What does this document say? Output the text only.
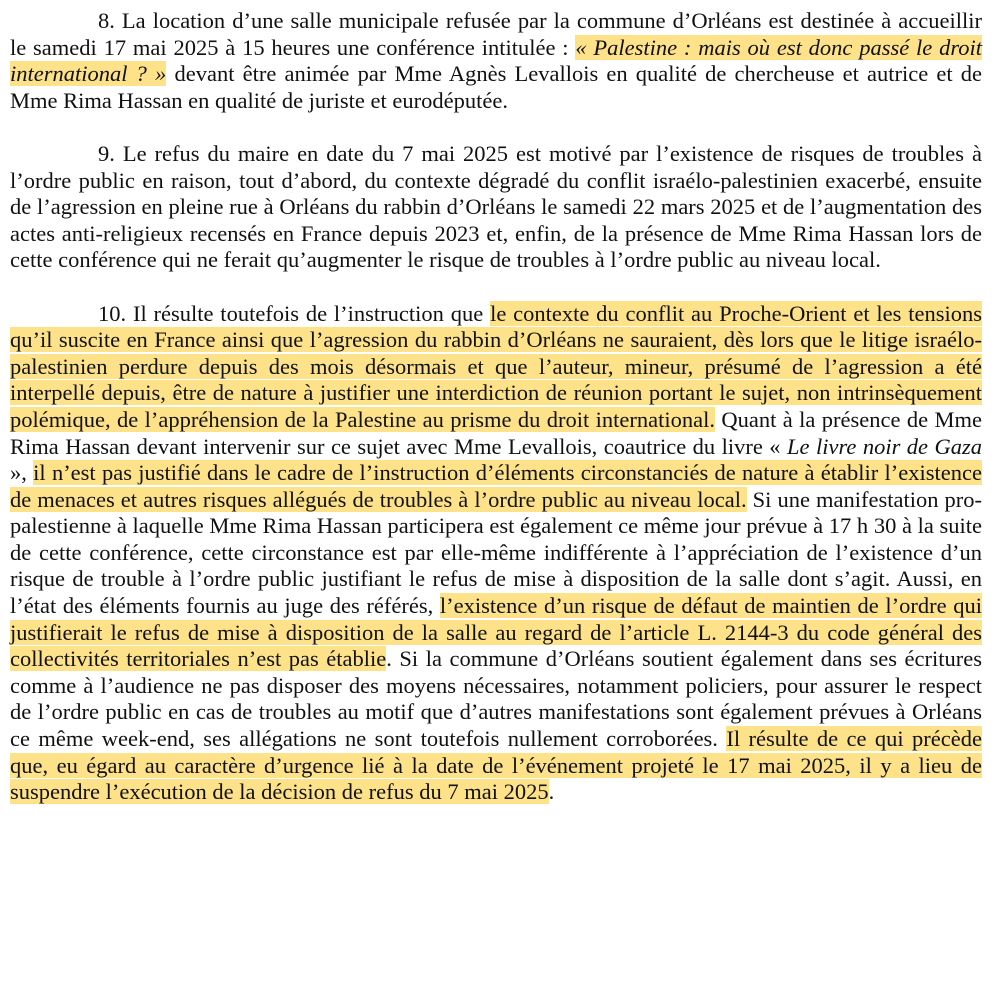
8. La location d’une salle municipale refusée par la commune d’Orléans est destinée à accueillir le samedi 17 mai 2025 à 15 heures une conférence intitulée : « Palestine : mais où est donc passé le droit international ? » devant être animée par Mme Agnès Levallois en qualité de chercheuse et autrice et de Mme Rima Hassan en qualité de juriste et eurodéputée.

9. Le refus du maire en date du 7 mai 2025 est motivé par l’existence de risques de troubles à l’ordre public en raison, tout d’abord, du contexte dégradé du conflit israélo-palestinien exacerbé, ensuite de l’agression en pleine rue à Orléans du rabbin d’Orléans le samedi 22 mars 2025 et de l’augmentation des actes anti-religieux recensés en France depuis 2023 et, enfin, de la présence de Mme Rima Hassan lors de cette conférence qui ne ferait qu’augmenter le risque de troubles à l’ordre public au niveau local.

10. Il résulte toutefois de l’instruction que le contexte du conflit au Proche-Orient et les tensions qu’il suscite en France ainsi que l’agression du rabbin d’Orléans ne sauraient, dès lors que le litige israélo-palestinien perdure depuis des mois désormais et que l’auteur, mineur, présumé de l’agression a été interpellé depuis, être de nature à justifier une interdiction de réunion portant le sujet, non intrinsèquement polémique, de l’appréhension de la Palestine au prisme du droit international. Quant à la présence de Mme Rima Hassan devant intervenir sur ce sujet avec Mme Levallois, coautrice du livre « Le livre noir de Gaza », il n’est pas justifié dans le cadre de l’instruction d’éléments circonstanciés de nature à établir l’existence de menaces et autres risques allégués de troubles à l’ordre public au niveau local. Si une manifestation pro-palestienne à laquelle Mme Rima Hassan participera est également ce même jour prévue à 17 h 30 à la suite de cette conférence, cette circonstance est par elle-même indifférente à l’appréciation de l’existence d’un risque de trouble à l’ordre public justifiant le refus de mise à disposition de la salle dont s’agit. Aussi, en l’état des éléments fournis au juge des référés, l’existence d’un risque de défaut de maintien de l’ordre qui justifierait le refus de mise à disposition de la salle au regard de l’article L. 2144-3 du code général des collectivités territoriales n’est pas établie. Si la commune d’Orléans soutient également dans ses écritures comme à l’audience ne pas disposer des moyens nécessaires, notamment policiers, pour assurer le respect de l’ordre public en cas de troubles au motif que d’autres manifestations sont également prévues à Orléans ce même week-end, ses allégations ne sont toutefois nullement corroborées. Il résulte de ce qui précède que, eu égard au caractère d’urgence lié à la date de l’événement projeté le 17 mai 2025, il y a lieu de suspendre l’exécution de la décision de refus du 7 mai 2025.
